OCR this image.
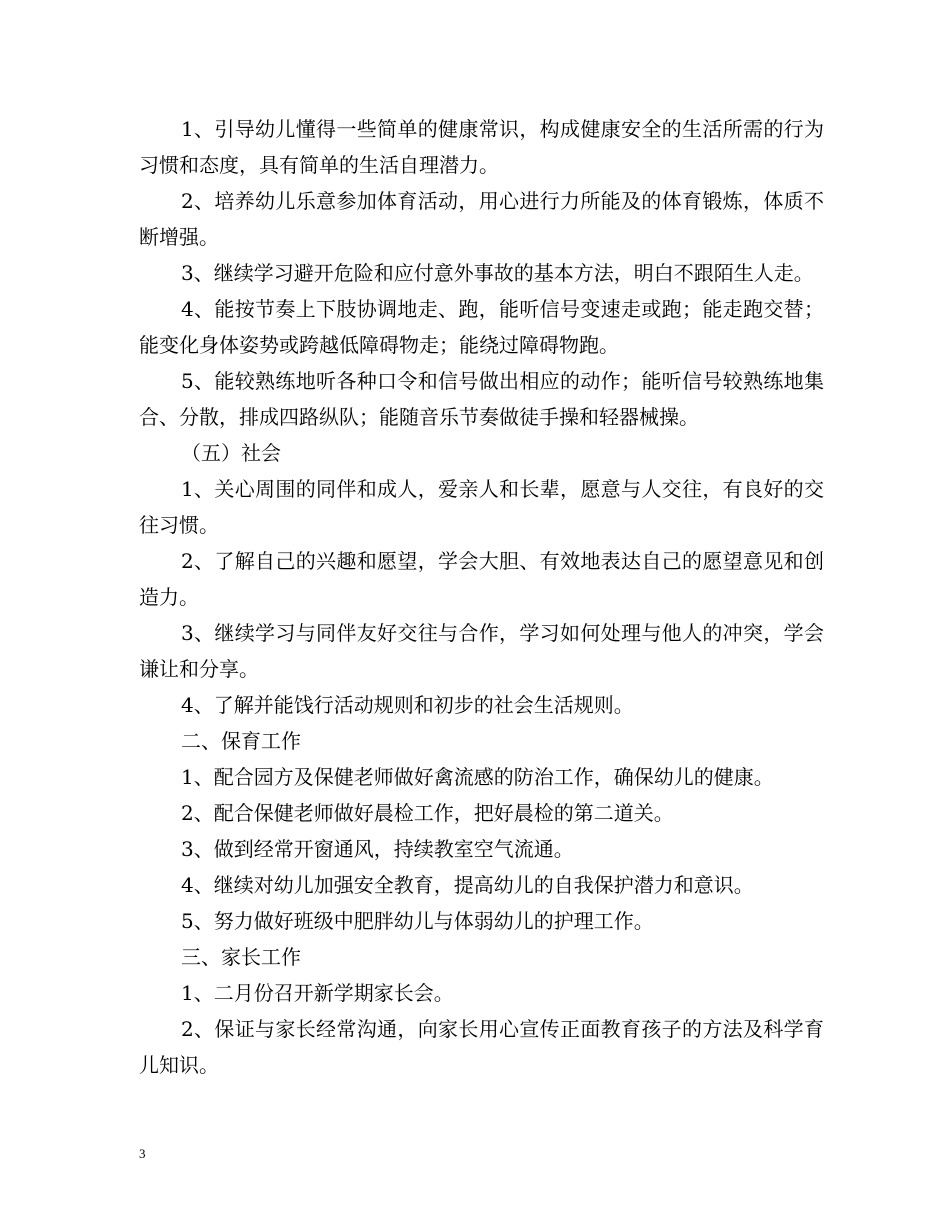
1、引导幼儿懂得一些简单的健康常识，构成健康安全的生活所需的行为习惯和态度，具有简单的生活自理潜力。

2、培养幼儿乐意参加体育活动，用心进行力所能及的体育锻炼，体质不断增强。

3、继续学习避开危险和应付意外事故的基本方法，明白不跟陌生人走。

4、能按节奏上下肢协调地走、跑，能听信号变速走或跑；能走跑交替；能变化身体姿势或跨越低障碍物走；能绕过障碍物跑。

5、能较熟练地听各种口令和信号做出相应的动作；能听信号较熟练地集合、分散，排成四路纵队；能随音乐节奏做徒手操和轻器械操。

（五）社会

1、关心周围的同伴和成人，爱亲人和长辈，愿意与人交往，有良好的交往习惯。

2、了解自己的兴趣和愿望，学会大胆、有效地表达自己的愿望意见和创造力。

3、继续学习与同伴友好交往与合作，学习如何处理与他人的冲突，学会谦让和分享。

4、了解并能饯行活动规则和初步的社会生活规则。

二、保育工作

1、配合园方及保健老师做好禽流感的防治工作，确保幼儿的健康。

2、配合保健老师做好晨检工作，把好晨检的第二道关。

3、做到经常开窗通风，持续教室空气流通。

4、继续对幼儿加强安全教育，提高幼儿的自我保护潜力和意识。

5、努力做好班级中肥胖幼儿与体弱幼儿的护理工作。

三、家长工作

1、二月份召开新学期家长会。

2、保证与家长经常沟通，向家长用心宣传正面教育孩子的方法及科学育儿知识。

3
